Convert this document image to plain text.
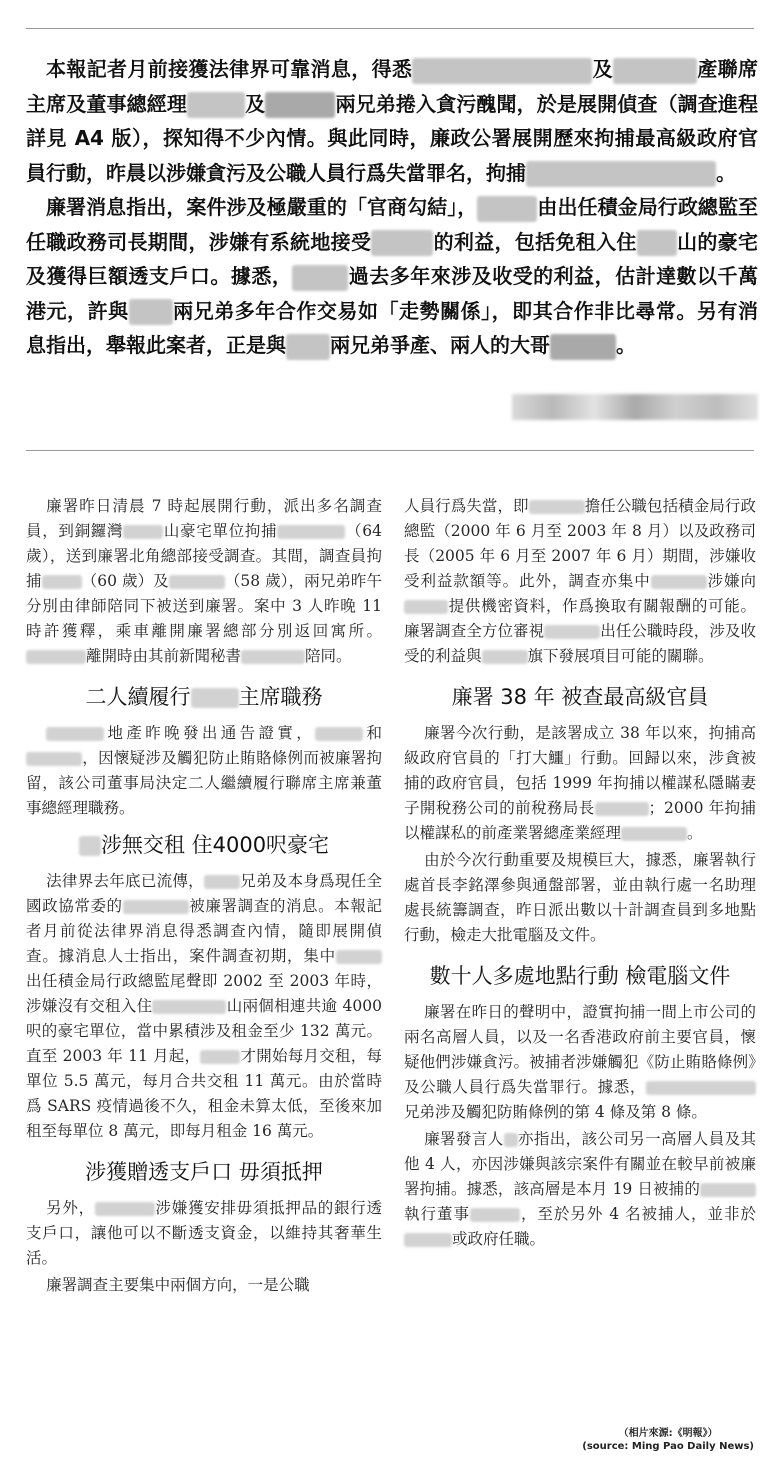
本報記者月前接獲法律界可靠消息，得悉	及	產聯席主席及董事總經理	及	兩兄弟捲入貪污醜聞，於是展開偵查（調查進程詳見 A4 版），探知得不少內情。與此同時，廉政公署展開歷來拘捕最高級政府官員行動，昨晨以涉嫌貪污及公職人員行爲失當罪名，拘捕	。

廉署消息指出，案件涉及極嚴重的「官商勾結」，	由出任積金局行政總監至任職政務司長期間，涉嫌有系統地接受	的利益，包括免租入住 山的豪宅及獲得巨額透支戶口。據悉，	過去多年來涉及收受的利益，估計達數以千萬港元，許與 兩兄弟多年合作交易如「走勢關係」，即其合作非比尋常。另有消息指出，舉報此案者，正是與 兩兄弟爭產、兩人的大哥	。

廉署昨日清晨 7 時起展開行動，派出多名調查員，到銅鑼灣	山豪宅單位拘捕	（64 歲），送到廉署北角總部接受調查。其間，調查員拘捕	（60 歲）及	（58 歲），兩兄弟昨午分別由律師陪同下被送到廉署。案中 3 人昨晚 11 時許獲釋，乘車離開廉署總部分別返回寓所。離開時由其前新聞秘書	陪同。

二人續履行 主席職務

地產昨晚發出通告證實，	和，因懷疑涉及觸犯防止賄賂條例而被廉署拘留，該公司董事局決定二人繼續履行聯席主席兼董事總經理職務。

涉無交租 住4000呎豪宅

法律界去年底已流傳， 兄弟及本身爲現任全國政協常委的	被廉署調查的消息。本報記者月前從法律界消息得悉調查內情，隨即展開偵查。據消息人士指出，案件調查初期，集中出任積金局行政總監尾聲即 2002 至 2003 年時，涉嫌沒有交租入住	山兩個相連共逾 4000 呎的豪宅單位，當中累積涉及租金至少 132 萬元。直至 2003 年 11 月起，	才開始每月交租，每單位 5.5 萬元，每月合共交租 11 萬元。由於當時爲 SARS 疫情過後不久，租金未算太低，至後來加租至每單位 8 萬元，即每月租金 16 萬元。

涉獲贈透支戶口 毋須抵押

另外，	涉嫌獲安排毋須抵押品的銀行透支戶口，讓他可以不斷透支資金，以維持其奢華生活。

廉署調查主要集中兩個方向，一是公職

人員行爲失當，即	擔任公職包括積金局行政總監（2000 年 6 月至 2003 年 8 月）以及政務司長（2005 年 6 月至 2007 年 6 月）期間，涉嫌收受利益款額等。此外，調查亦集中	涉嫌向提供機密資料，作爲換取有關報酬的可能。廉署調查全方位審視	出任公職時段，涉及收受的利益與	旗下發展項目可能的關聯。

廉署 38 年 被查最高級官員

廉署今次行動，是該署成立 38 年以來，拘捕高級政府官員的「打大鱷」行動。回歸以來，涉貪被捕的政府官員，包括 1999 年拘捕以權謀私隱瞞妻子開稅務公司的前稅務局長	；2000 年拘捕以權謀私的前產業署總產業經理	。

由於今次行動重要及規模巨大，據悉，廉署執行處首長李銘澤參與通盤部署，並由執行處一名助理處長統籌調查，昨日派出數以十計調查員到多地點行動，檢走大批電腦及文件。

數十人多處地點行動 檢電腦文件

廉署在昨日的聲明中，證實拘捕一間上市公司的兩名高層人員，以及一名香港政府前主要官員，懷疑他們涉嫌貪污。被捕者涉嫌觸犯《防止賄賂條例》及公職人員行爲失當罪行。據悉，兄弟涉及觸犯防賄條例的第 4 條及第 8 條。

廉署發言人 亦指出，該公司另一高層人員及其他 4 人，亦因涉嫌與該宗案件有關並在較早前被廉署拘捕。據悉，該高層是本月 19 日被捕的執行董事	，至於另外 4 名被捕人，並非於或政府任職。

（相片來源:《明報》）
(source: Ming Pao Daily News)
